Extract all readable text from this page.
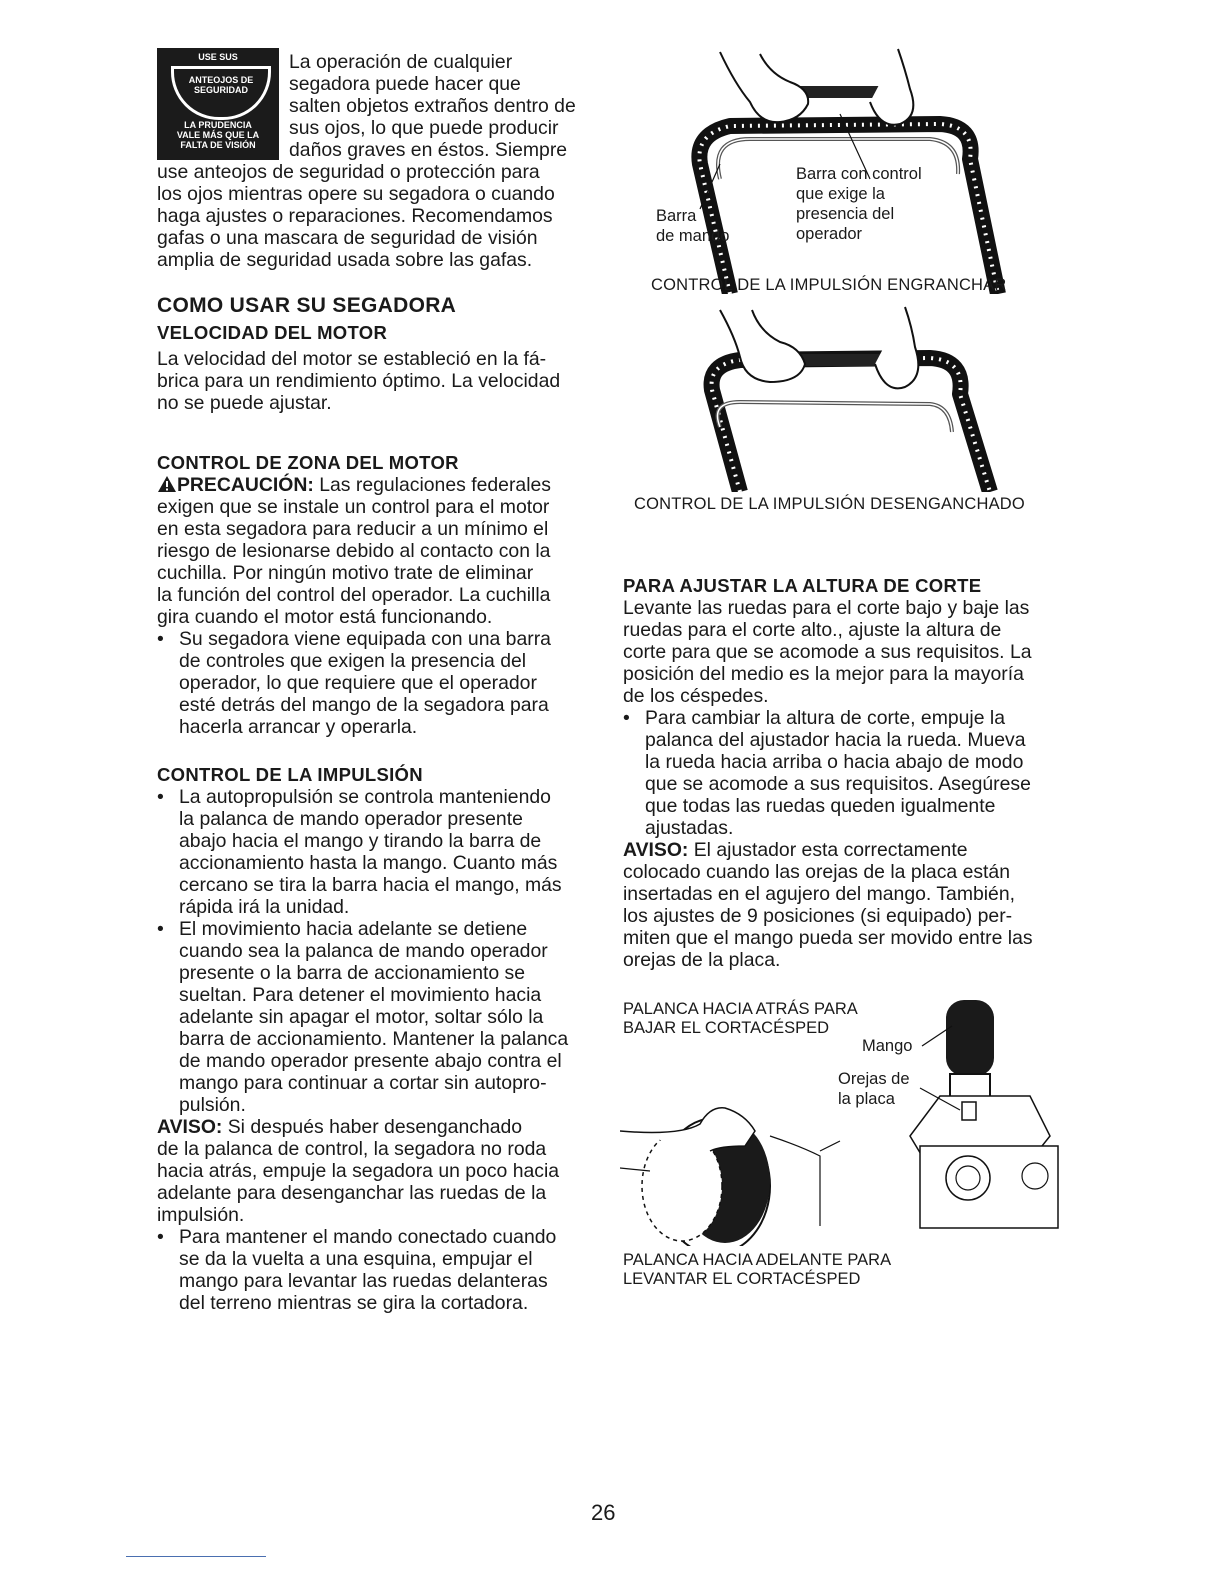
USE SUS
ANTEOJOS DE
SEGURIDAD
LA PRUDENCIA
VALE MÁS QUE LA
FALTA DE VISIÓN

La operación de cualquier

segadora puede hacer que

salten objetos extraños dentro de

sus ojos, lo que puede producir

daños graves en éstos. Siempre

use anteojos de seguridad o protección para

los ojos mientras opere su segadora o cuando

haga ajustes o reparaciones. Recomendamos

gafas o una mascara de seguridad de visión

amplia de seguridad usada sobre las gafas.

COMO USAR SU SEGADORA
VELOCIDAD DEL MOTOR

La velocidad del motor se estableció en la fá-

brica para un rendimiento óptimo. La velocidad

no se puede ajustar.

CONTROL DE ZONA DEL MOTOR

PRECAUCIÓN: Las regulaciones federales

exigen que se instale un control para el motor

en esta segadora para reducir a un mínimo el

riesgo de lesionarse debido al contacto con la

cuchilla. Por ningún motivo trate de eliminar

la función del control del operador. La cuchilla

gira cuando el motor está funcionando.

• Su segadora viene equipada con una barra
de controles que exigen la presencia del
operador, lo que requiere que el operador
esté detrás del mango de la segadora para
hacerla arrancar y operarla.
CONTROL DE LA IMPULSIÓN
• La autopropulsión se controla manteniendo
la palanca de mando operador presente
abajo hacia el mango y tirando la barra de
accionamiento hasta la mango. Cuanto más
cercano se tira la barra hacia el mango, más
rápida irá la unidad.
• El movimiento hacia adelante se detiene
cuando sea la palanca de mando operador
presente o la barra de accionamiento se
sueltan. Para detener el movimiento hacia
adelante sin apagar el motor, soltar sólo la
barra de accionamiento. Mantener la palanca
de mando operador presente abajo contra el
mango para continuar a cortar sin autopro-
pulsión.

AVISO: Si después haber desenganchado

de la palanca de control, la segadora no roda

hacia atrás, empuje la segadora un poco hacia

adelante para desenganchar las ruedas de la

impulsión.

• Para mantener el mando conectado cuando
se da la vuelta a una esquina, empujar el
mango para levantar las ruedas delanteras
del terreno mientras se gira la cortadora.
Barra
de mando
Barra con control
que exige la
presencia del
operador
CONTROL DE LA IMPULSIÓN ENGRANCHAR
CONTROL DE LA IMPULSIÓN DESENGANCHADO
PARA AJUSTAR LA ALTURA DE CORTE

Levante las ruedas para el corte bajo y baje las

ruedas para el corte alto., ajuste la altura de

corte para que se acomode a sus requisitos. La

posición del medio es la mejor para la mayoría

de los céspedes.

• Para cambiar la altura de corte, empuje la
palanca del ajustador hacia la rueda. Mueva
la rueda hacia arriba o hacia abajo de modo
que se acomode a sus requisitos. Asegúrese
que todas las ruedas queden igualmente
ajustadas.

AVISO: El ajustador esta correctamente

colocado cuando las orejas de la placa están

insertadas en el agujero del mango. También,

los ajustes de 9 posiciones (si equipado) per-

miten que el mango pueda ser movido entre las

orejas de la placa.

PALANCA HACIA ATRÁS PARA
BAJAR EL CORTACÉSPED
Mango
Orejas de
la placa
PALANCA HACIA ADELANTE PARA
LEVANTAR EL CORTACÉSPED
26
